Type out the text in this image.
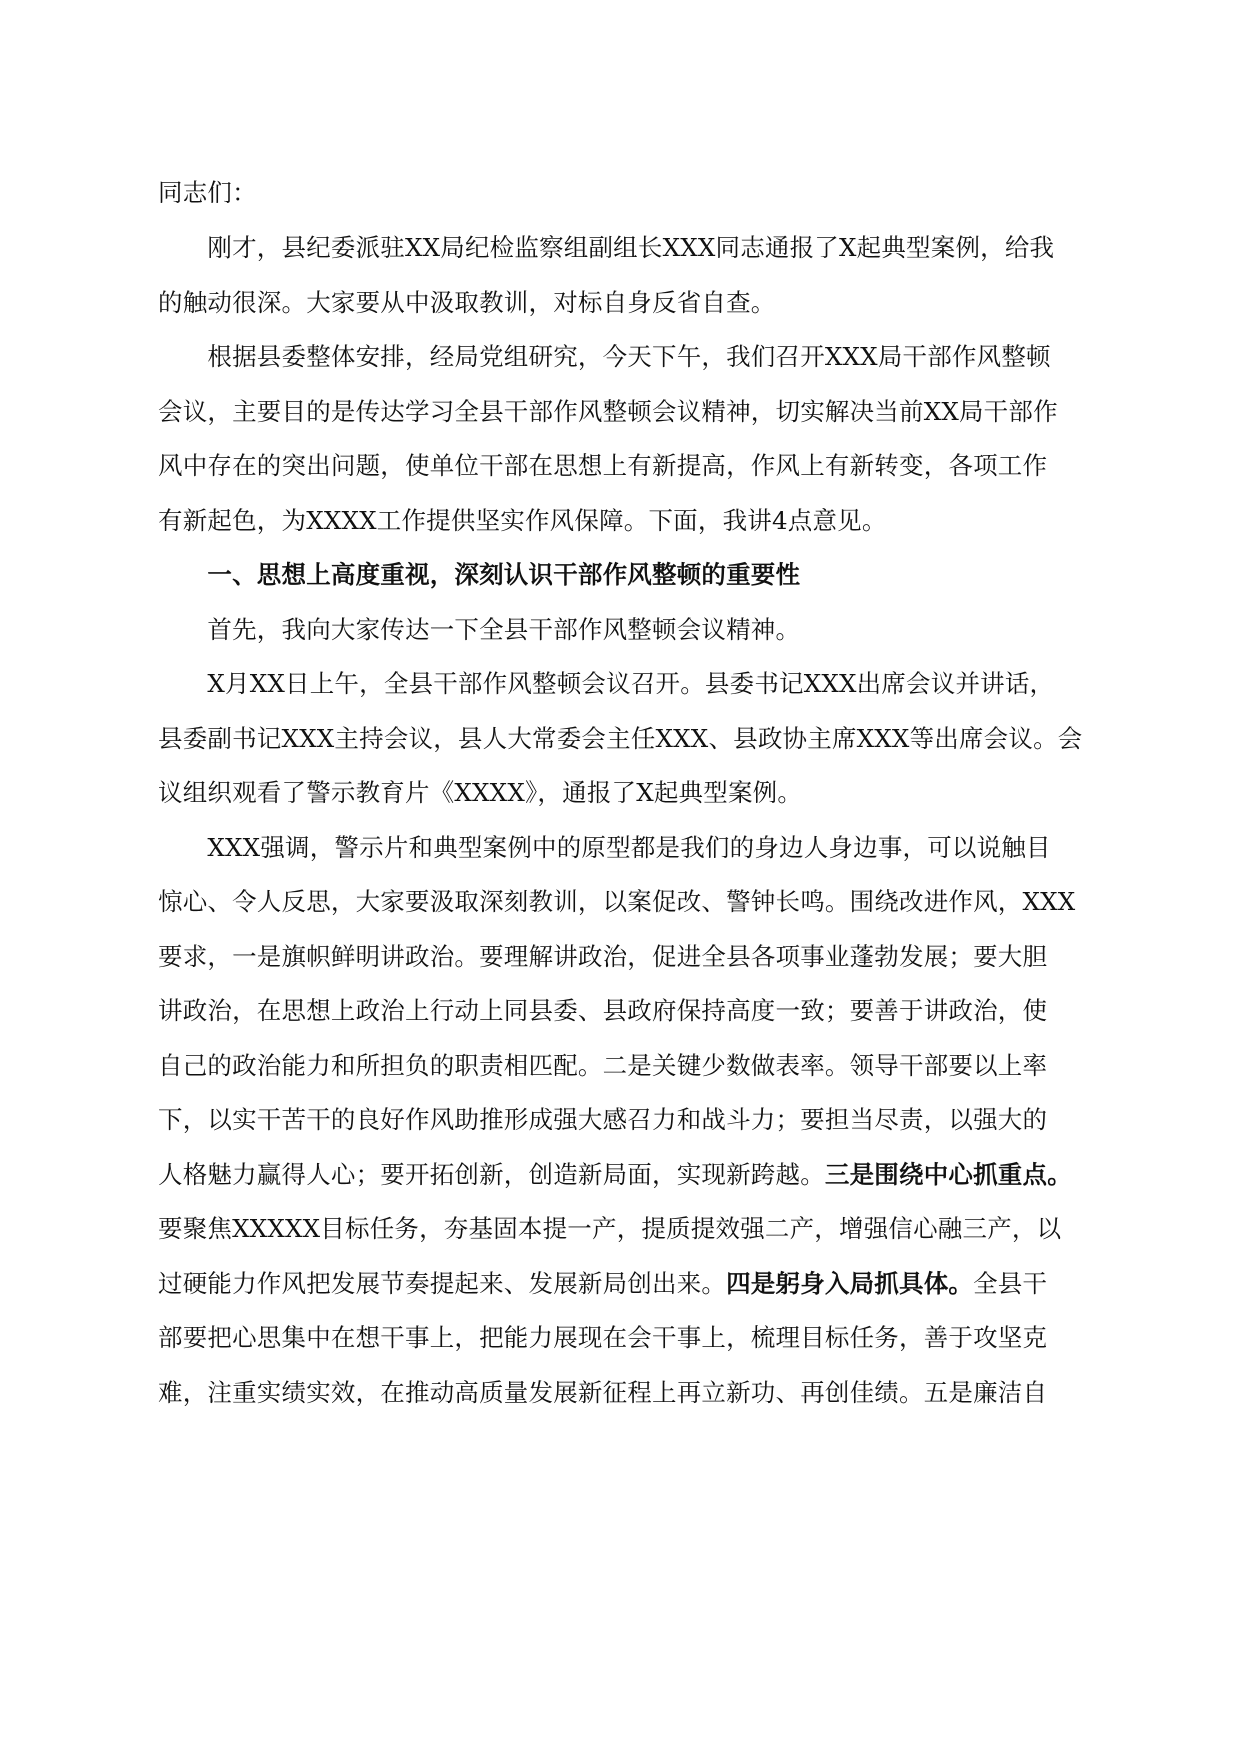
同志们：
　　刚才，县纪委派驻XX局纪检监察组副组长XXX同志通报了X起典型案例，给我
的触动很深。大家要从中汲取教训，对标自身反省自查。
　　根据县委整体安排，经局党组研究，今天下午，我们召开XXX局干部作风整顿
会议，主要目的是传达学习全县干部作风整顿会议精神，切实解决当前XX局干部作
风中存在的突出问题，使单位干部在思想上有新提高，作风上有新转变，各项工作
有新起色，为XXXX工作提供坚实作风保障。下面，我讲4点意见。
　　一、思想上高度重视，深刻认识干部作风整顿的重要性
　　首先，我向大家传达一下全县干部作风整顿会议精神。
　　X月XX日上午，全县干部作风整顿会议召开。县委书记XXX出席会议并讲话，
县委副书记XXX主持会议，县人大常委会主任XXX、县政协主席XXX等出席会议。会
议组织观看了警示教育片《XXXX》，通报了X起典型案例。
　　XXX强调，警示片和典型案例中的原型都是我们的身边人身边事，可以说触目
惊心、令人反思，大家要汲取深刻教训，以案促改、警钟长鸣。围绕改进作风，XXX
要求，一是旗帜鲜明讲政治。要理解讲政治，促进全县各项事业蓬勃发展；要大胆
讲政治，在思想上政治上行动上同县委、县政府保持高度一致；要善于讲政治，使
自己的政治能力和所担负的职责相匹配。二是关键少数做表率。领导干部要以上率
下，以实干苦干的良好作风助推形成强大感召力和战斗力；要担当尽责，以强大的
人格魅力赢得人心；要开拓创新，创造新局面，实现新跨越。三是围绕中心抓重点。
要聚焦XXXXX目标任务，夯基固本提一产，提质提效强二产，增强信心融三产，以
过硬能力作风把发展节奏提起来、发展新局创出来。四是躬身入局抓具体。全县干
部要把心思集中在想干事上，把能力展现在会干事上，梳理目标任务，善于攻坚克
难，注重实绩实效，在推动高质量发展新征程上再立新功、再创佳绩。五是廉洁自
